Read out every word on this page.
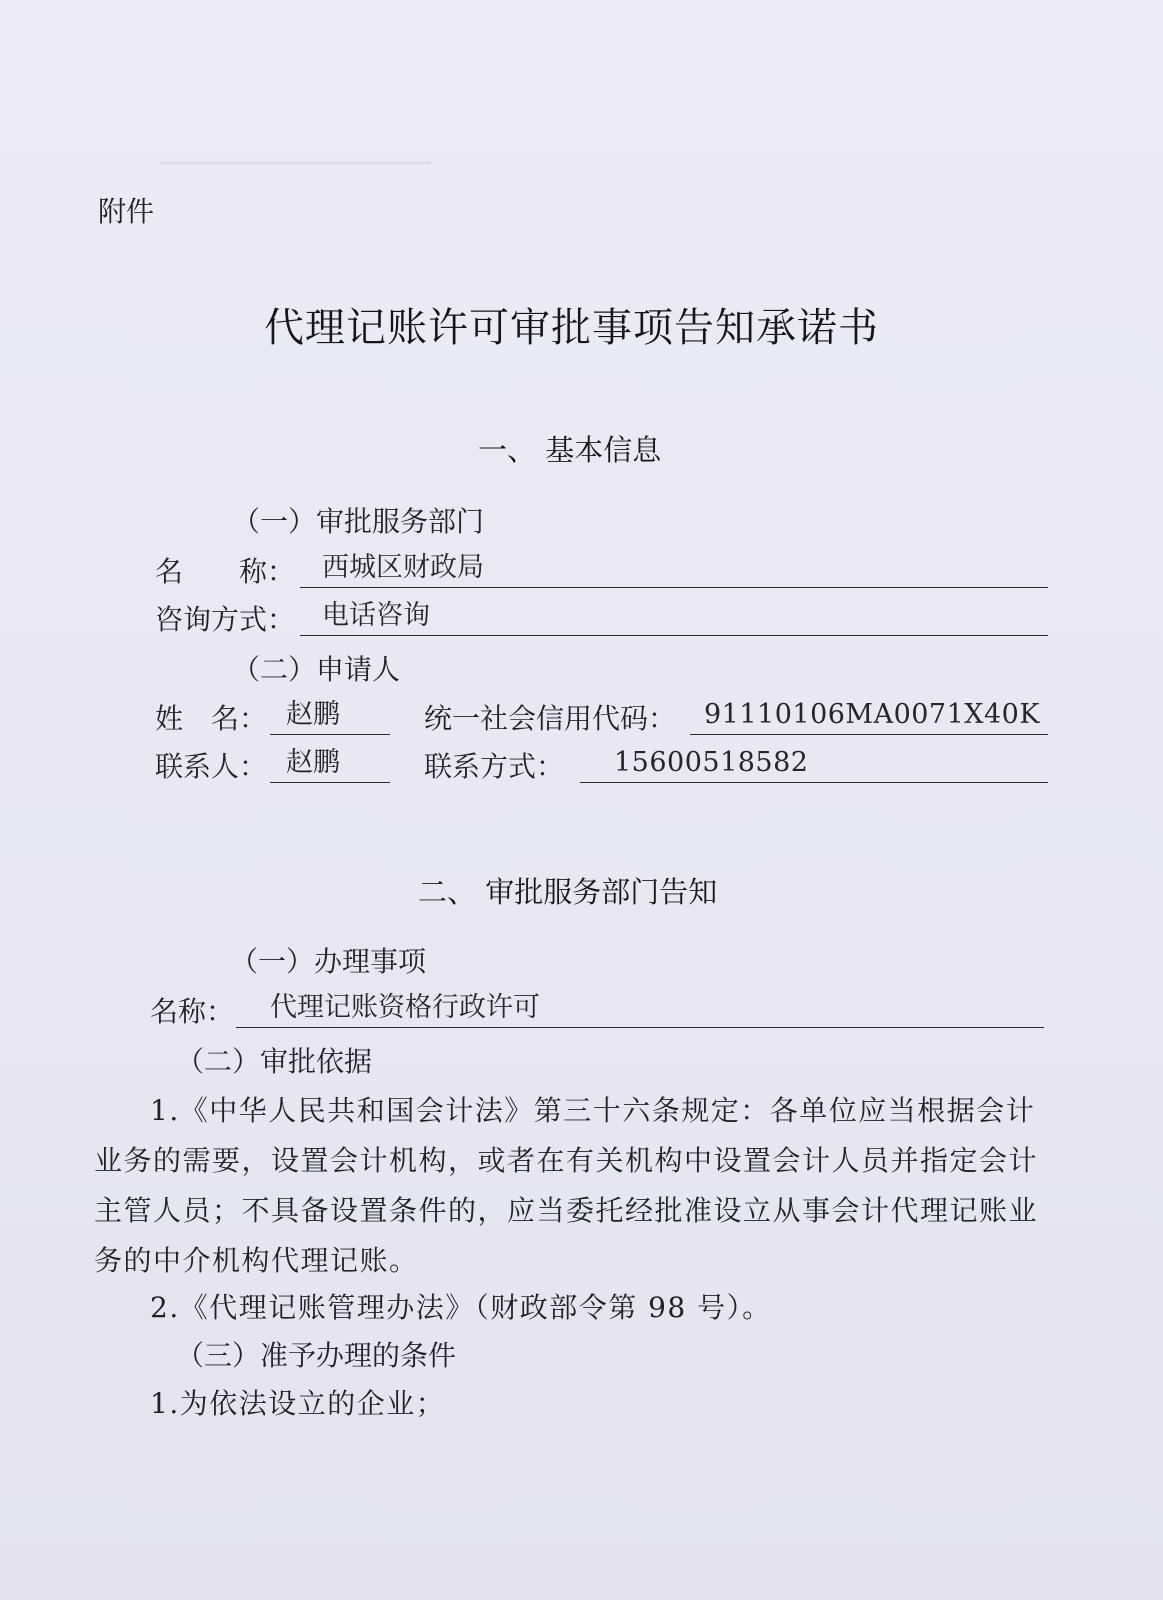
▁▁▁▁▁▁▁▁▁▁▁▁▁▁▁▁
附件
代理记账许可审批事项告知承诺书
一、 基本信息
（一）审批服务部门
名　　称： 西城区财政局
咨询方式： 电话咨询
（二）申请人
姓　名： 赵鹏	统一社会信用代码：	91110106MA0071X40K
联系人： 赵鹏	联系方式：	15600518582
二、 审批服务部门告知
（一）办理事项
名称：	代理记账资格行政许可
（二）审批依据
1.《中华人民共和国会计法》第三十六条规定：各单位应当根据会计业务的需要，设置会计机构，或者在有关机构中设置会计人员并指定会计主管人员；不具备设置条件的，应当委托经批准设立从事会计代理记账业务的中介机构代理记账。
2.《代理记账管理办法》（财政部令第 98 号）。
（三）准予办理的条件
1.为依法设立的企业；
